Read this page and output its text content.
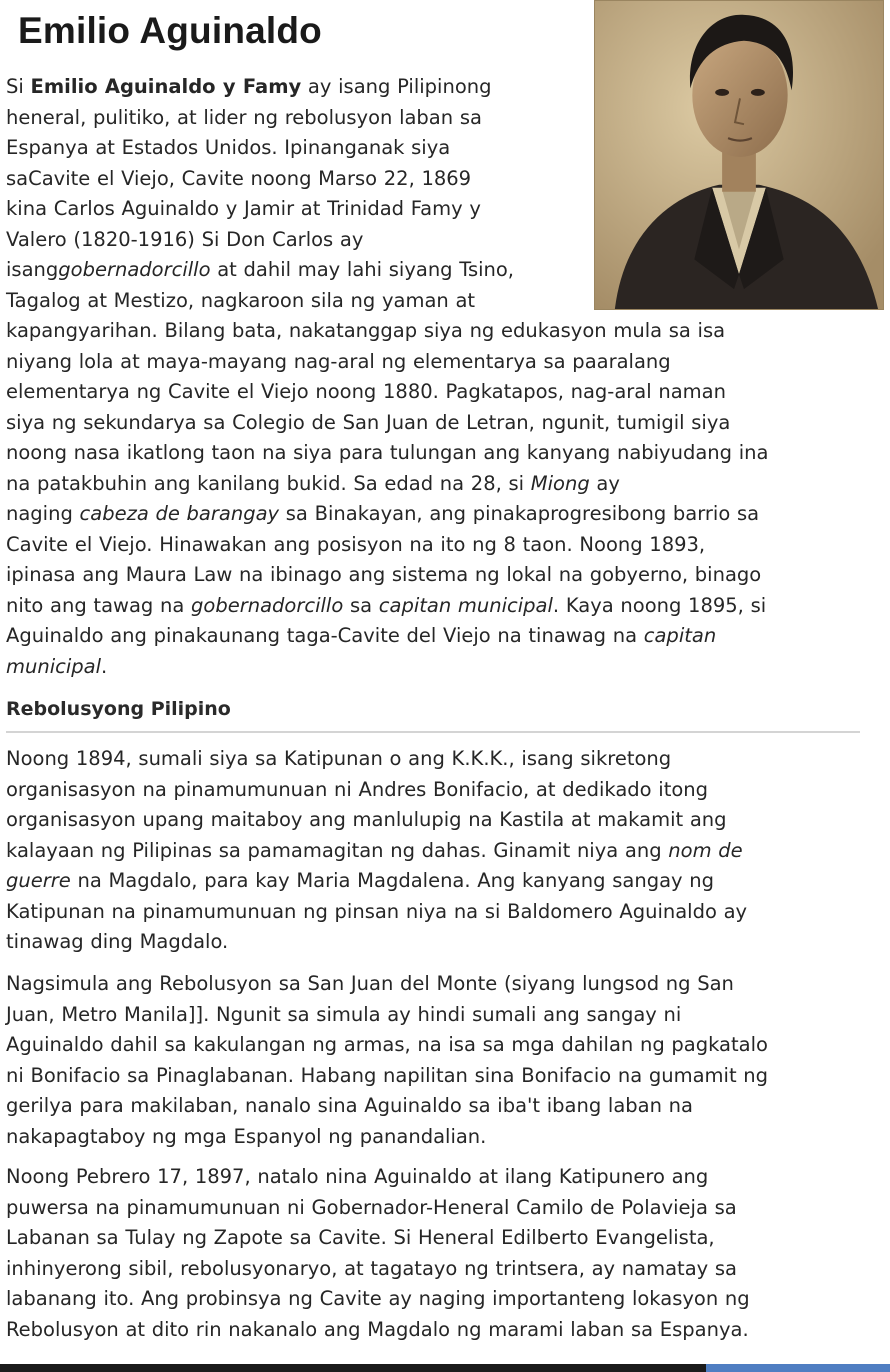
Emilio Aguinaldo
Si Emilio Aguinaldo y Famy ay isang Pilipinong
heneral, pulitiko, at lider ng rebolusyon laban sa
Espanya at Estados Unidos. Ipinanganak siya
saCavite el Viejo, Cavite noong Marso 22, 1869
kina Carlos Aguinaldo y Jamir at Trinidad Famy y
Valero (1820-1916) Si Don Carlos ay
isanggobernadorcillo at dahil may lahi siyang Tsino,
Tagalog at Mestizo, nagkaroon sila ng yaman at
kapangyarihan. Bilang bata, nakatanggap siya ng edukasyon mula sa isa
niyang lola at maya-mayang nag-aral ng elementarya sa paaralang
elementarya ng Cavite el Viejo noong 1880. Pagkatapos, nag-aral naman
siya ng sekundarya sa Colegio de San Juan de Letran, ngunit, tumigil siya
noong nasa ikatlong taon na siya para tulungan ang kanyang nabiyudang ina
na patakbuhin ang kanilang bukid. Sa edad na 28, si Miong ay
naging cabeza de barangay sa Binakayan, ang pinakaprogresibong barrio sa
Cavite el Viejo. Hinawakan ang posisyon na ito ng 8 taon. Noong 1893,
ipinasa ang Maura Law na ibinago ang sistema ng lokal na gobyerno, binago
nito ang tawag na gobernadorcillo sa capitan municipal. Kaya noong 1895, si
Aguinaldo ang pinakaunang taga-Cavite del Viejo na tinawag na capitan
municipal.
Rebolusyong Pilipino
Noong 1894, sumali siya sa Katipunan o ang K.K.K., isang sikretong
organisasyon na pinamumunuan ni Andres Bonifacio, at dedikado itong
organisasyon upang maitaboy ang manlulupig na Kastila at makamit ang
kalayaan ng Pilipinas sa pamamagitan ng dahas. Ginamit niya ang nom de
guerre na Magdalo, para kay Maria Magdalena. Ang kanyang sangay ng
Katipunan na pinamumunuan ng pinsan niya na si Baldomero Aguinaldo ay
tinawag ding Magdalo.
Nagsimula ang Rebolusyon sa San Juan del Monte (siyang lungsod ng San
Juan, Metro Manila]]. Ngunit sa simula ay hindi sumali ang sangay ni
Aguinaldo dahil sa kakulangan ng armas, na isa sa mga dahilan ng pagkatalo
ni Bonifacio sa Pinaglabanan. Habang napilitan sina Bonifacio na gumamit ng
gerilya para makilaban, nanalo sina Aguinaldo sa iba't ibang laban na
nakapagtaboy ng mga Espanyol ng panandalian.
Noong Pebrero 17, 1897, natalo nina Aguinaldo at ilang Katipunero ang
puwersa na pinamumunuan ni Gobernador-Heneral Camilo de Polavieja sa
Labanan sa Tulay ng Zapote sa Cavite. Si Heneral Edilberto Evangelista,
inhinyerong sibil, rebolusyonaryo, at tagatayo ng trintsera, ay namatay sa
labanang ito. Ang probinsya ng Cavite ay naging importanteng lokasyon ng
Rebolusyon at dito rin nakanalo ang Magdalo ng marami laban sa Espanya.
